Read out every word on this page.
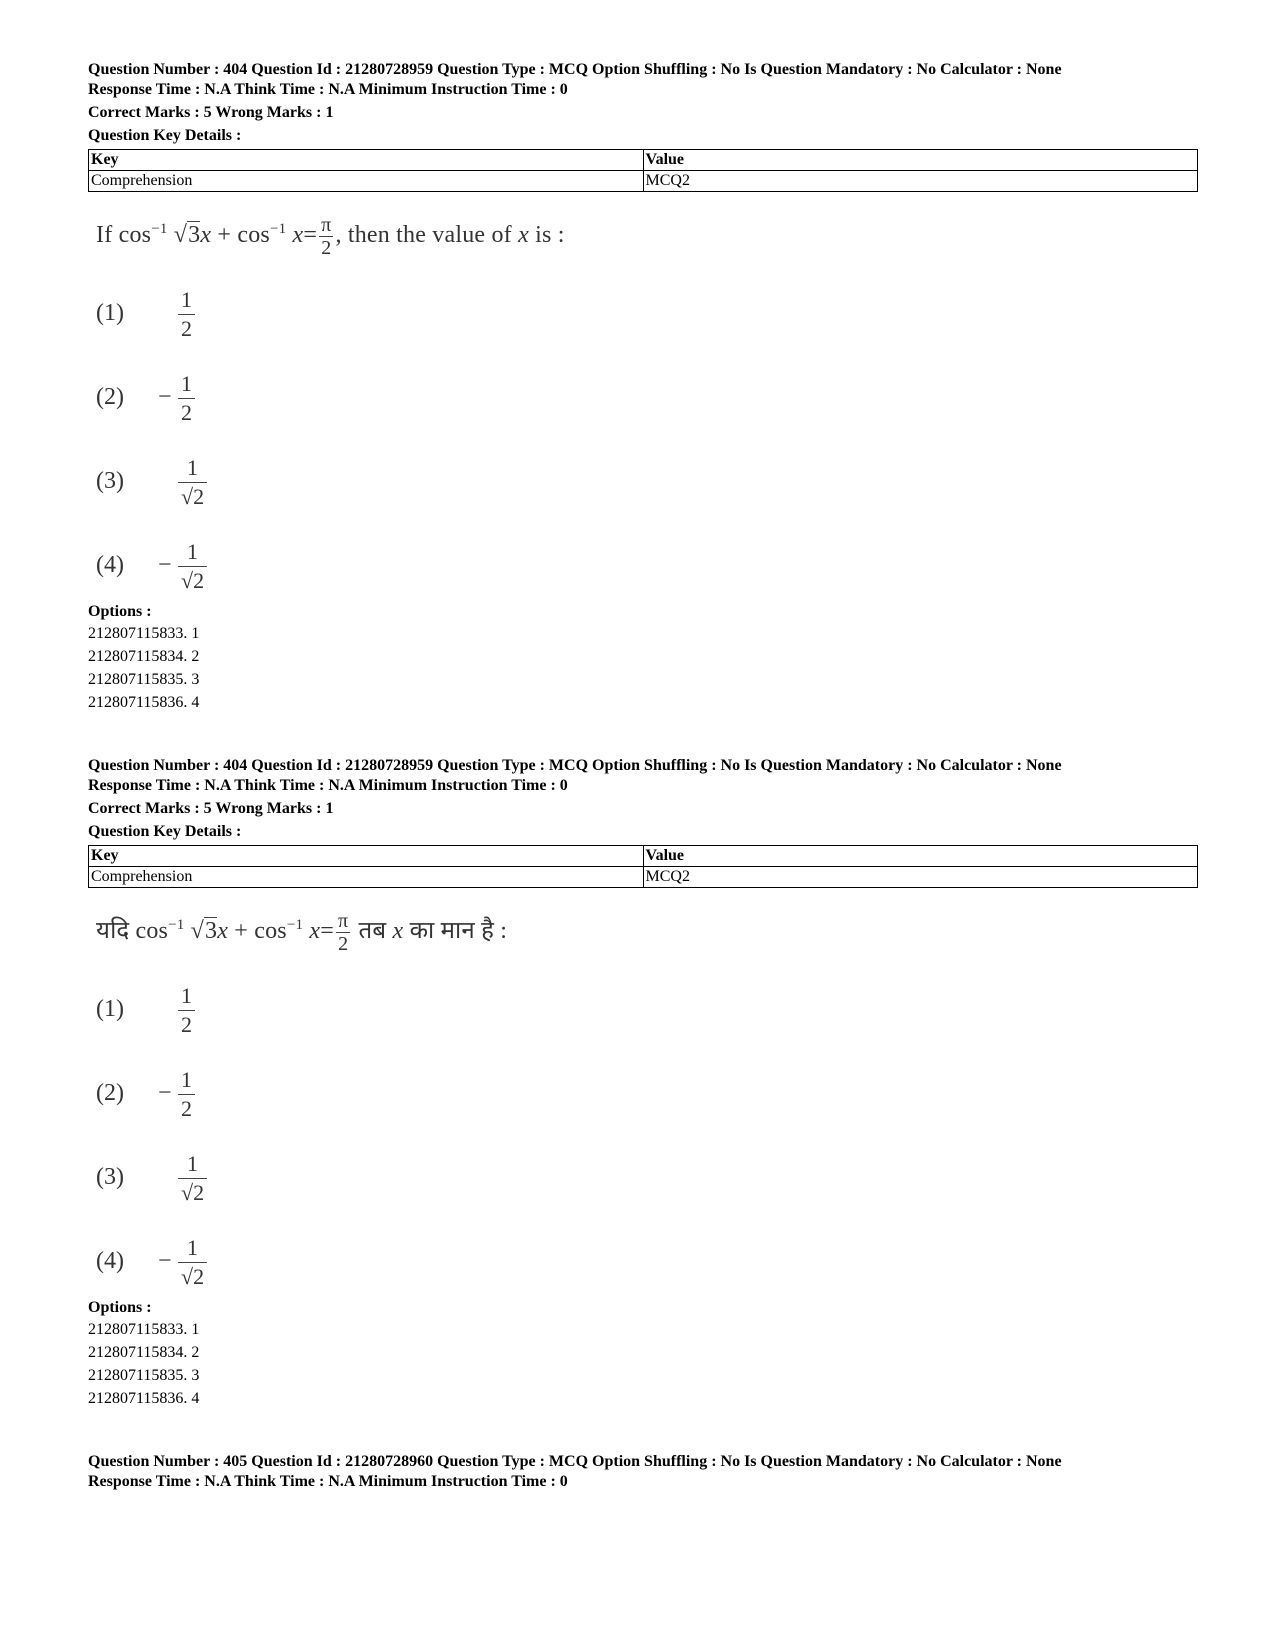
Question Number : 404 Question Id : 21280728959 Question Type : MCQ Option Shuffling : No Is Question Mandatory : No Calculator : None
Response Time : N.A Think Time : N.A Minimum Instruction Time : 0
Correct Marks : 5 Wrong Marks : 1
Question Key Details :
Key	Value
Comprehension	MCQ2
If $\cos^{-1} √3x + \cos^{-1} x= \frac{\pi}{2}$ , then the value of x is :
$(1) \frac{1}{2}$
$(2) - \frac{1}{2}$
$(3) \frac{1}{√2}$
$(4) - \frac{1}{√2}$
Options :
212807115833. 1
212807115834. 2
212807115835. 3
212807115836. 4
Question Number : 404 Question Id : 21280728959 Question Type : MCQ Option Shuffling : No Is Question Mandatory : No Calculator : None
Response Time : N.A Think Time : N.A Minimum Instruction Time : 0
Correct Marks : 5 Wrong Marks : 1
Question Key Details :
Key	Value
Comprehension	MCQ2
यदि $\cos^{-1} √3x + \cos^{-1} x= \frac{\pi}{2}$ तब x का मान है :
$(1) \frac{1}{2}$
$(2) - \frac{1}{2}$
$(3) \frac{1}{√2}$
$(4) - \frac{1}{√2}$
Options :
212807115833. 1
212807115834. 2
212807115835. 3
212807115836. 4
Question Number : 405 Question Id : 21280728960 Question Type : MCQ Option Shuffling : No Is Question Mandatory : No Calculator : None
Response Time : N.A Think Time : N.A Minimum Instruction Time : 0
